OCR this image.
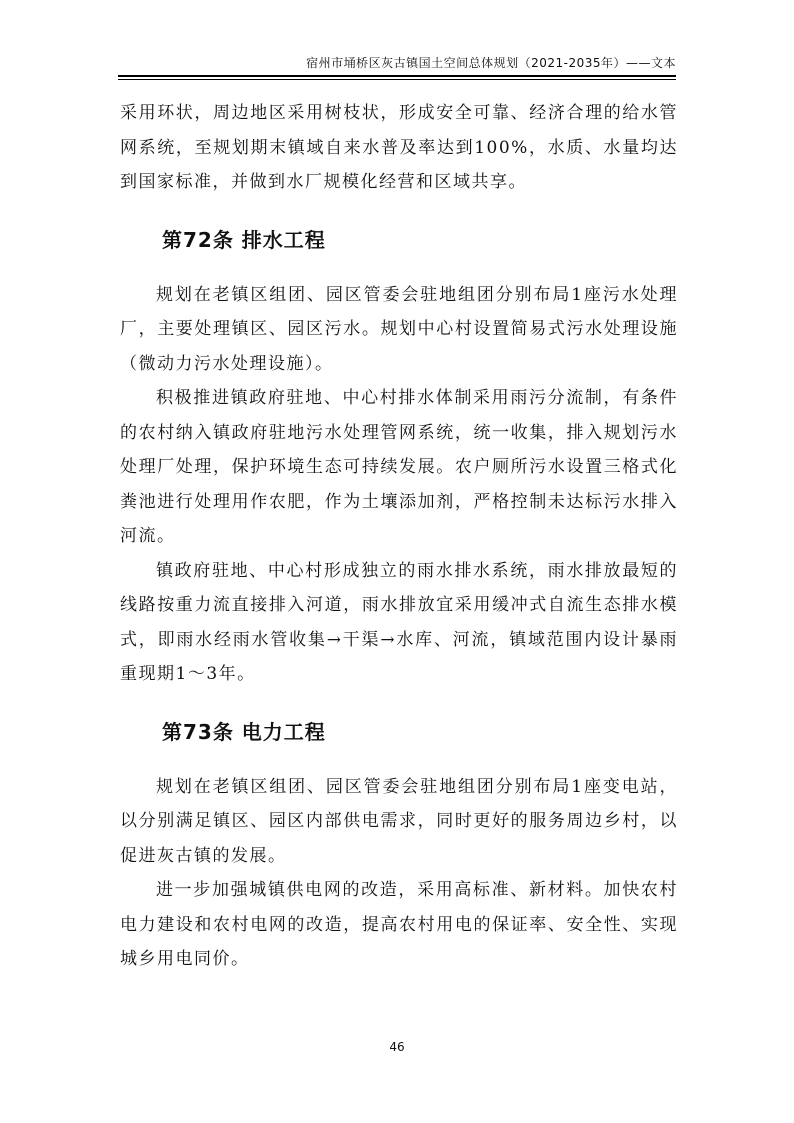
宿州市埇桥区灰古镇国土空间总体规划（2021-2035年）——文本

采用环状，周边地区采用树枝状，形成安全可靠、经济合理的给水管网系统，至规划期末镇域自来水普及率达到100%，水质、水量均达到国家标准，并做到水厂规模化经营和区域共享。

第72条 排水工程

规划在老镇区组团、园区管委会驻地组团分别布局1座污水处理厂，主要处理镇区、园区污水。规划中心村设置简易式污水处理设施（微动力污水处理设施）。

积极推进镇政府驻地、中心村排水体制采用雨污分流制，有条件的农村纳入镇政府驻地污水处理管网系统，统一收集，排入规划污水处理厂处理，保护环境生态可持续发展。农户厕所污水设置三格式化粪池进行处理用作农肥，作为土壤添加剂，严格控制未达标污水排入河流。

镇政府驻地、中心村形成独立的雨水排水系统，雨水排放最短的线路按重力流直接排入河道，雨水排放宜采用缓冲式自流生态排水模式，即雨水经雨水管收集→干渠→水库、河流，镇域范围内设计暴雨重现期1～3年。

第73条 电力工程

规划在老镇区组团、园区管委会驻地组团分别布局1座变电站，以分别满足镇区、园区内部供电需求，同时更好的服务周边乡村，以促进灰古镇的发展。

进一步加强城镇供电网的改造，采用高标准、新材料。加快农村电力建设和农村电网的改造，提高农村用电的保证率、安全性、实现城乡用电同价。

46
